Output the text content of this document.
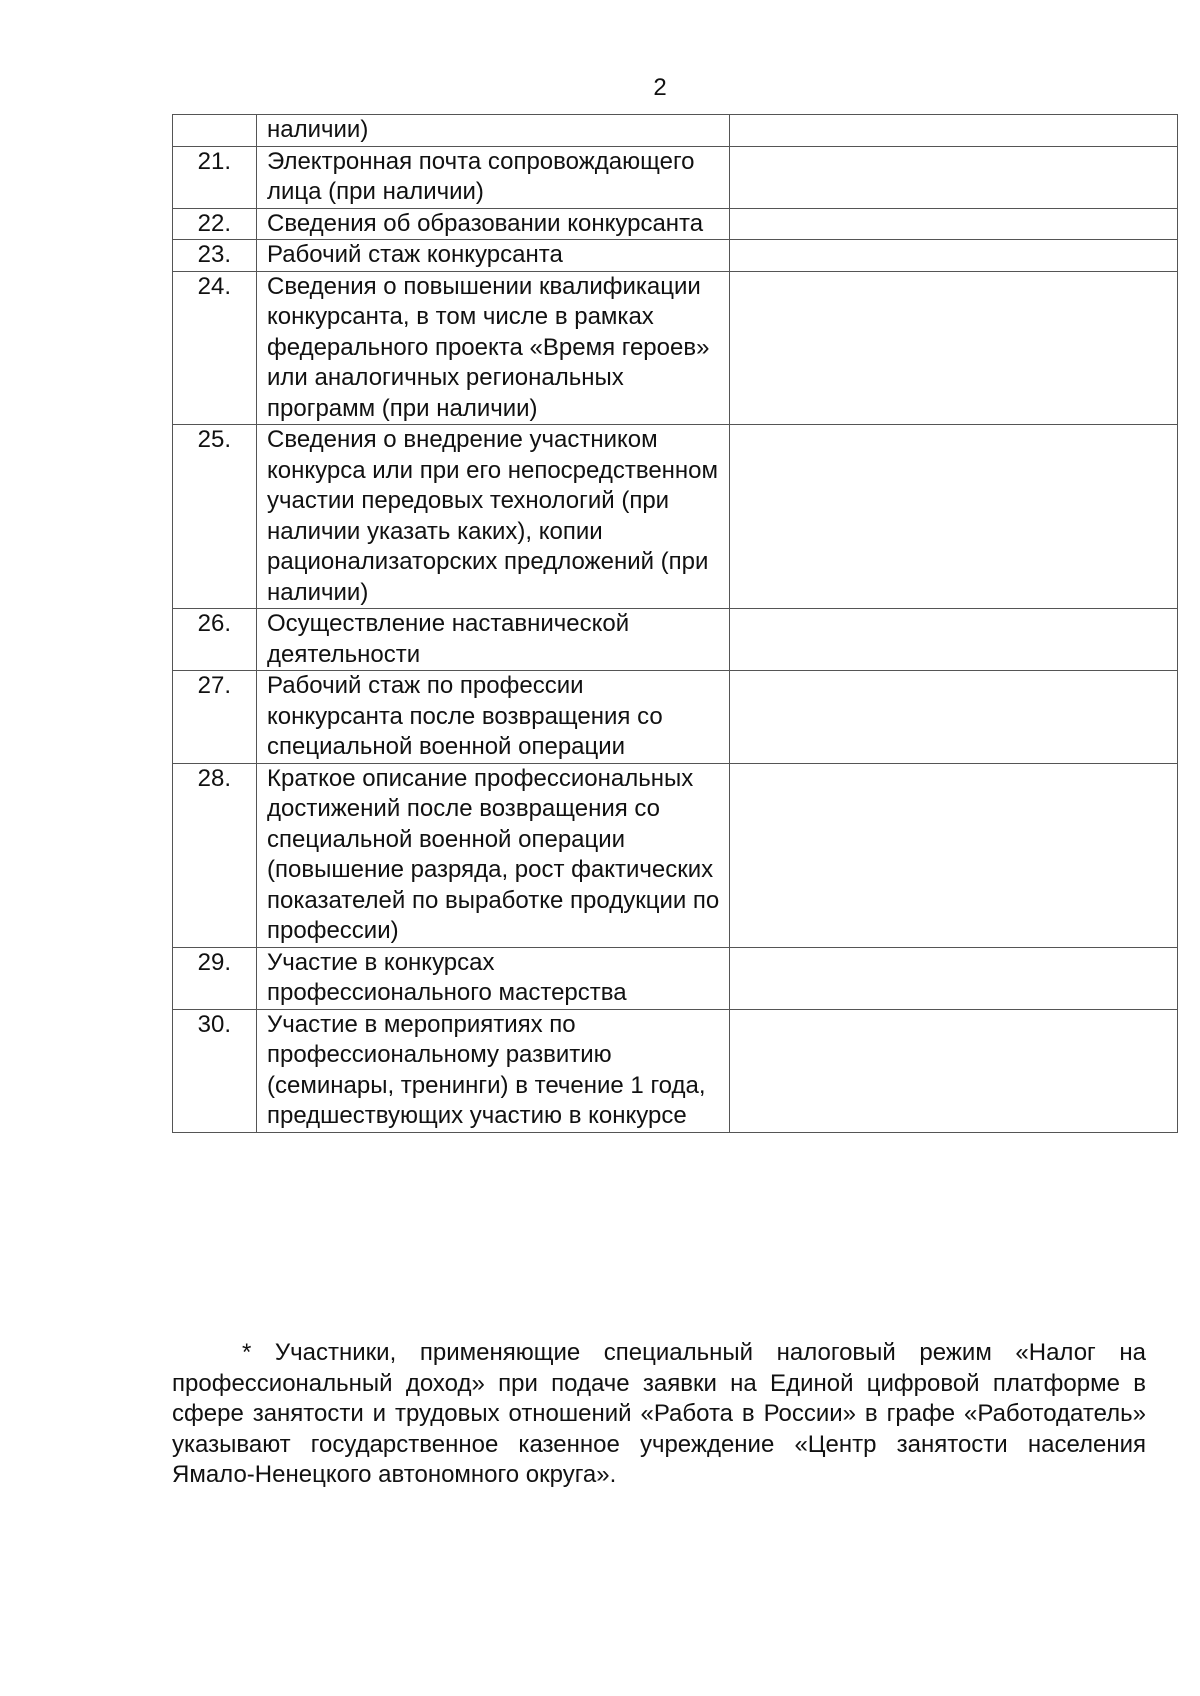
2
	наличии)	
21.	Электронная почта сопровождающего лица (при наличии)	
22.	Сведения об образовании конкурсанта	
23.	Рабочий стаж конкурсанта	
24.	Сведения о повышении квалификации конкурсанта, в том числе в рамках федерального проекта «Время героев» или аналогичных региональных программ (при наличии)	
25.	Сведения о внедрение участником конкурса или при его непосредственном участии передовых технологий (при наличии указать каких), копии рационализаторских предложений (при наличии)	
26.	Осуществление наставнической деятельности	
27.	Рабочий стаж по профессии конкурсанта после возвращения со специальной военной операции	
28.	Краткое описание профессиональных достижений после возвращения со специальной военной операции (повышение разряда, рост фактических показателей по выработке продукции по профессии)	
29.	Участие в конкурсах профессионального мастерства	
30.	Участие в мероприятиях по профессиональному развитию (семинары, тренинги) в течение 1 года, предшествующих участию в конкурсе	

* Участники, применяющие специальный налоговый режим «Налог на профессиональный доход» при подаче заявки на Единой цифровой платформе в сфере занятости и трудовых отношений «Работа в России» в графе «Работодатель» указывают государственное казенное учреждение «Центр занятости населения Ямало-Ненецкого автономного округа».
